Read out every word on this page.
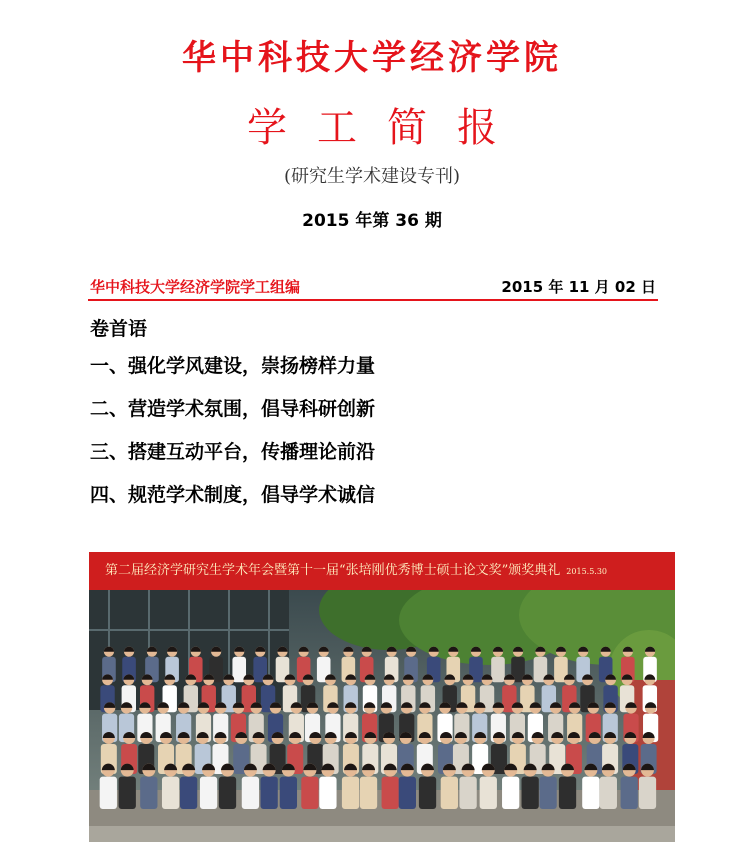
华中科技大学经济学院
学工简报
(研究生学术建设专刊)
2015 年第 36 期
华中科技大学经济学院学工组编	2015 年 11 月 02 日
卷首语
一、强化学风建设，崇扬榜样力量
二、营造学术氛围，倡导科研创新
三、搭建互动平台，传播理论前沿
四、规范学术制度，倡导学术诚信
第二届经济学研究生学术年会暨第十一届“张培刚优秀博士硕士论文奖”颁奖典礼 2015.5.30
